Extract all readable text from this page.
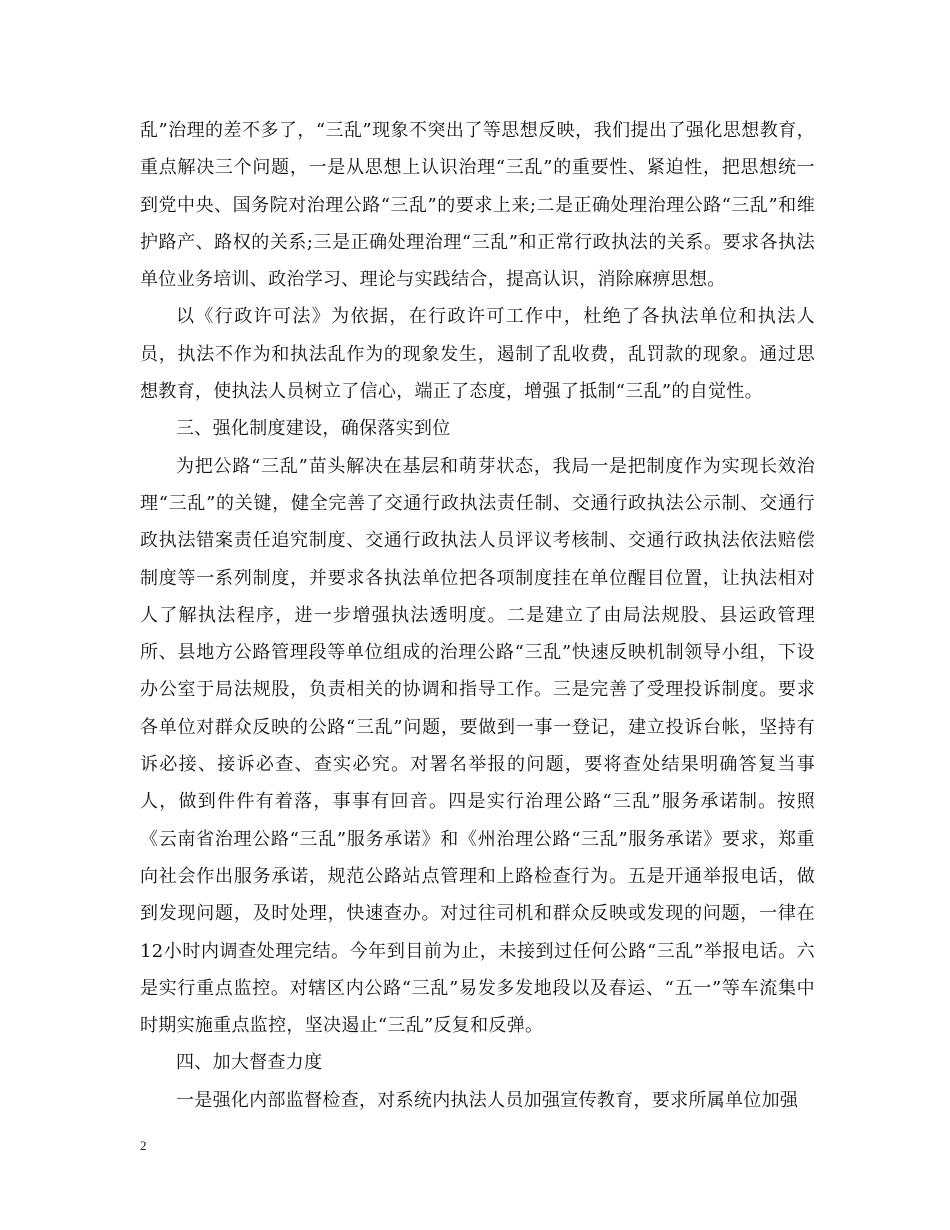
乱”治理的差不多了，“三乱”现象不突出了等思想反映，我们提出了强化思想教育，重点解决三个问题，一是从思想上认识治理“三乱”的重要性、紧迫性，把思想统一到党中央、国务院对治理公路“三乱”的要求上来;二是正确处理治理公路“三乱”和维护路产、路权的关系;三是正确处理治理“三乱”和正常行政执法的关系。要求各执法单位业务培训、政治学习、理论与实践结合，提高认识，消除麻痹思想。

以《行政许可法》为依据，在行政许可工作中，杜绝了各执法单位和执法人员，执法不作为和执法乱作为的现象发生，遏制了乱收费，乱罚款的现象。通过思想教育，使执法人员树立了信心，端正了态度，增强了抵制“三乱”的自觉性。

三、强化制度建设，确保落实到位

为把公路“三乱”苗头解决在基层和萌芽状态，我局一是把制度作为实现长效治理“三乱”的关键，健全完善了交通行政执法责任制、交通行政执法公示制、交通行政执法错案责任追究制度、交通行政执法人员评议考核制、交通行政执法依法赔偿制度等一系列制度，并要求各执法单位把各项制度挂在单位醒目位置，让执法相对人了解执法程序，进一步增强执法透明度。二是建立了由局法规股、县运政管理所、县地方公路管理段等单位组成的治理公路“三乱”快速反映机制领导小组，下设办公室于局法规股，负责相关的协调和指导工作。三是完善了受理投诉制度。要求各单位对群众反映的公路“三乱”问题，要做到一事一登记，建立投诉台帐，坚持有诉必接、接诉必查、查实必究。对署名举报的问题，要将查处结果明确答复当事人，做到件件有着落，事事有回音。四是实行治理公路“三乱”服务承诺制。按照《云南省治理公路“三乱”服务承诺》和《州治理公路“三乱”服务承诺》要求，郑重向社会作出服务承诺，规范公路站点管理和上路检查行为。五是开通举报电话，做到发现问题，及时处理，快速查办。对过往司机和群众反映或发现的问题，一律在12小时内调查处理完结。今年到目前为止，未接到过任何公路“三乱”举报电话。六是实行重点监控。对辖区内公路“三乱”易发多发地段以及春运、“五一”等车流集中时期实施重点监控，坚决遏止“三乱”反复和反弹。

四、加大督查力度

一是强化内部监督检查，对系统内执法人员加强宣传教育，要求所属单位加强

2
